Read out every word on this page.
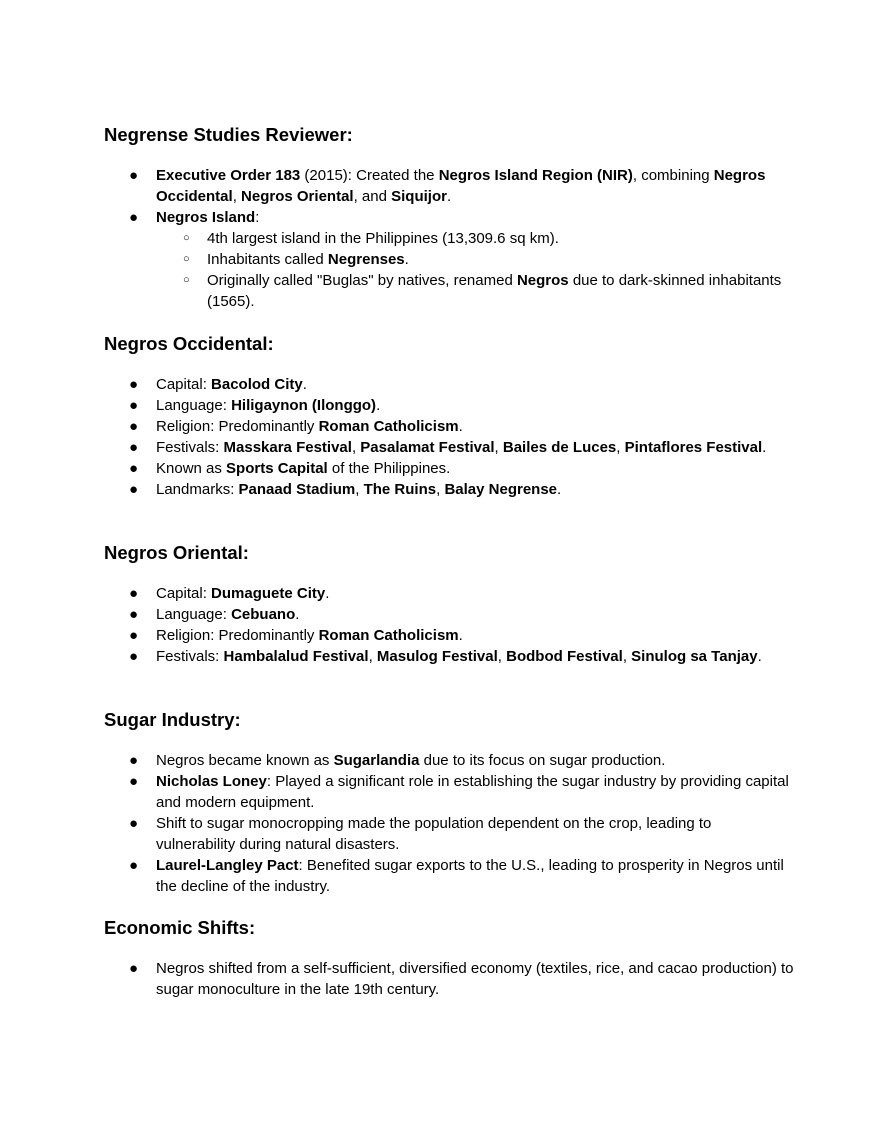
Negrense Studies Reviewer:
● Executive Order 183 (2015): Created the Negros Island Region (NIR), combining Negros Occidental, Negros Oriental, and Siquijor.
● Negros Island:
○ 4th largest island in the Philippines (13,309.6 sq km).
○ Inhabitants called Negrenses.
○ Originally called "Buglas" by natives, renamed Negros due to dark-skinned inhabitants (1565).
Negros Occidental:
● Capital: Bacolod City.
● Language: Hiligaynon (Ilonggo).
● Religion: Predominantly Roman Catholicism.
● Festivals: Masskara Festival, Pasalamat Festival, Bailes de Luces, Pintaflores Festival.
● Known as Sports Capital of the Philippines.
● Landmarks: Panaad Stadium, The Ruins, Balay Negrense.
Negros Oriental:
● Capital: Dumaguete City.
● Language: Cebuano.
● Religion: Predominantly Roman Catholicism.
● Festivals: Hambalalud Festival, Masulog Festival, Bodbod Festival, Sinulog sa Tanjay.
Sugar Industry:
● Negros became known as Sugarlandia due to its focus on sugar production.
● Nicholas Loney: Played a significant role in establishing the sugar industry by providing capital and modern equipment.
● Shift to sugar monocropping made the population dependent on the crop, leading to vulnerability during natural disasters.
● Laurel-Langley Pact: Benefited sugar exports to the U.S., leading to prosperity in Negros until the decline of the industry.
Economic Shifts:
● Negros shifted from a self-sufficient, diversified economy (textiles, rice, and cacao production) to sugar monoculture in the late 19th century.
